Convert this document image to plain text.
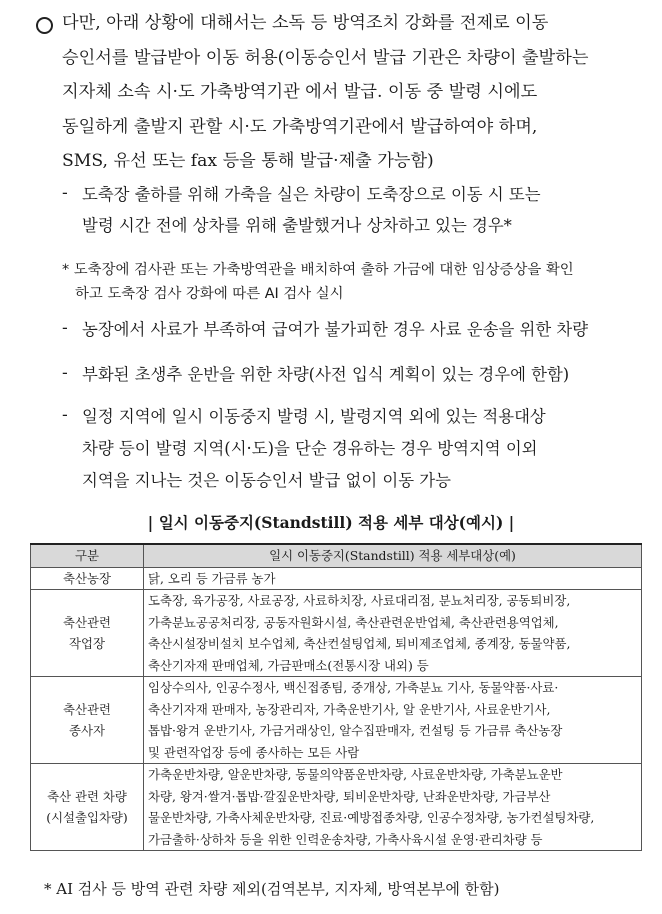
다만, 아래 상황에 대해서는 소독 등 방역조치 강화를 전제로 이동
승인서를 발급받아 이동 허용(이동승인서 발급 기관은 차량이 출발하는
지자체 소속 시·도 가축방역기관 에서 발급. 이동 중 발령 시에도
동일하게 출발지 관할 시·도 가축방역기관에서 발급하여야 하며,
SMS, 유선 또는 fax 등을 통해 발급·제출 가능함)
- 도축장 출하를 위해 가축을 실은 차량이 도축장으로 이동 시 또는
발령 시간 전에 상차를 위해 출발했거나 상차하고 있는 경우*
* 도축장에 검사관 또는 가축방역관을 배치하여 출하 가금에 대한 임상증상을 확인
하고 도축장 검사 강화에 따른 AI 검사 실시
- 농장에서 사료가 부족하여 급여가 불가피한 경우 사료 운송을 위한 차량
- 부화된 초생추 운반을 위한 차량(사전 입식 계획이 있는 경우에 한함)
- 일정 지역에 일시 이동중지 발령 시, 발령지역 외에 있는 적용대상
차량 등이 발령 지역(시·도)을 단순 경유하는 경우 방역지역 이외
지역을 지나는 것은 이동승인서 발급 없이 이동 가능
| 일시 이동중지(Standstill) 적용 세부 대상(예시) |
구분	일시 이동중지(Standstill) 적용 세부대상(예)
축산농장	닭, 오리 등 가금류 농가

축산관련
작업장	도축장, 육가공장, 사료공장, 사료하치장, 사료대리점, 분뇨처리장, 공동퇴비장,
가축분뇨공공처리장, 공동자원화시설, 축산관련운반업체, 축산관련용역업체,
축산시설장비설치 보수업체, 축산컨설팅업체, 퇴비제조업체, 종계장, 동물약품,
축산기자재 판매업체, 가금판매소(전통시장 내외) 등

축산관련
종사자	임상수의사, 인공수정사, 백신접종팀, 중개상, 가축분뇨 기사, 동물약품·사료·
축산기자재 판매자, 농장관리자, 가축운반기사, 알 운반기사, 사료운반기사,
톱밥·왕겨 운반기사, 가금거래상인, 알수집판매자, 컨설팅 등 가금류 축산농장
및 관련작업장 등에 종사하는 모든 사람

축산 관련 차량
(시설출입차량)	가축운반차량, 알운반차량, 동물의약품운반차량, 사료운반차량, 가축분뇨운반
차량, 왕겨·쌀겨·톱밥·깔짚운반차량, 퇴비운반차량, 난좌운반차량, 가금부산
물운반차량, 가축사체운반차량, 진료·예방접종차량, 인공수정차량, 농가컨설팅차량,
가금출하·상하차 등을 위한 인력운송차량, 가축사육시설 운영·관리차량 등
* AI 검사 등 방역 관련 차량 제외(검역본부, 지자체, 방역본부에 한함)
